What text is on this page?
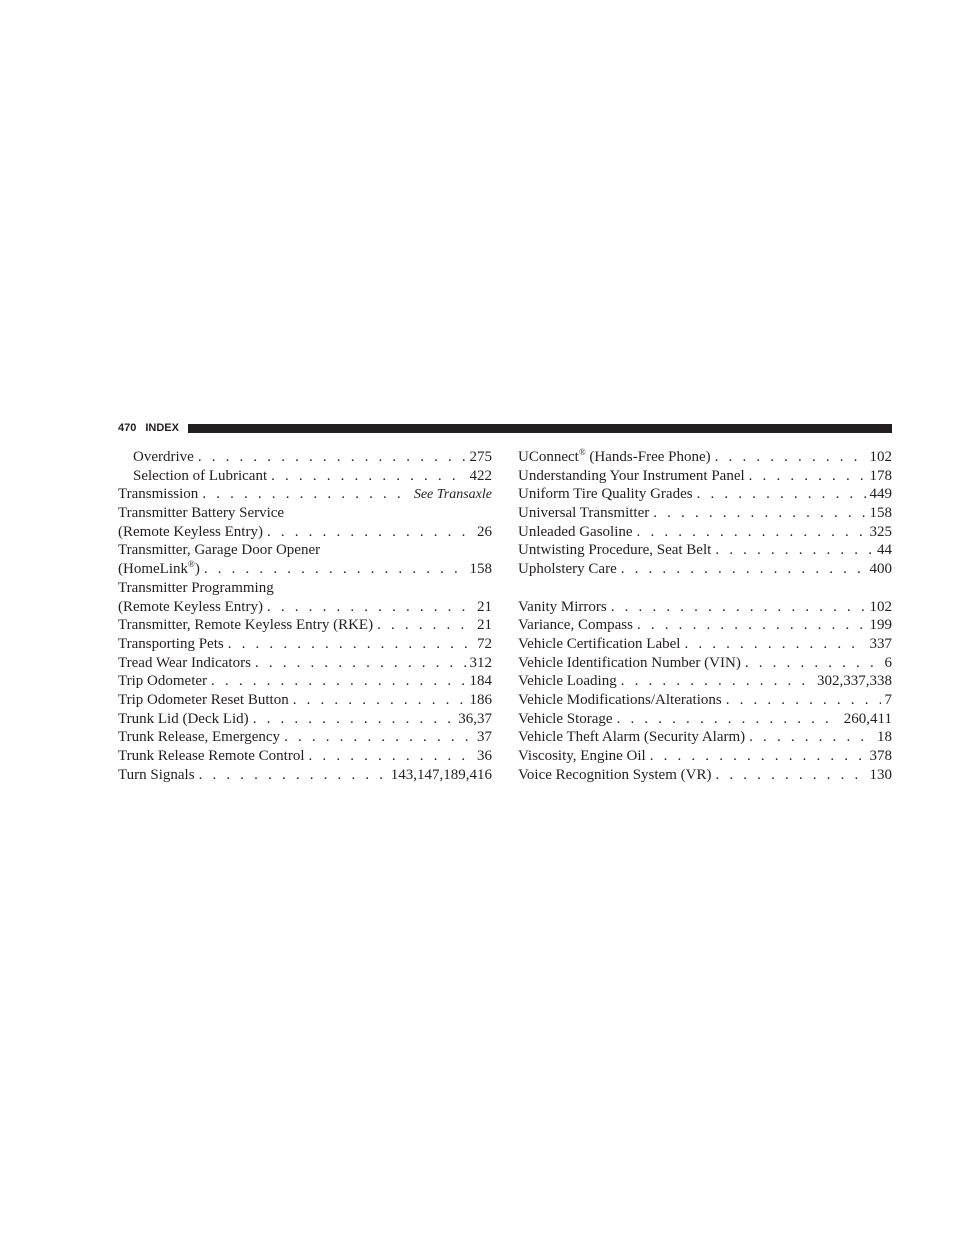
470 INDEX
Overdrive . . .	275
Selection of Lubricant . . .	422
Transmission . . .	See Transaxle
Transmitter Battery Service
(Remote Keyless Entry) . . .	26
Transmitter, Garage Door Opener
(HomeLink®) . . .	158
Transmitter Programming
(Remote Keyless Entry) . . .	21
Transmitter, Remote Keyless Entry (RKE) . . .	21
Transporting Pets . . .	72
Tread Wear Indicators . . .	312
Trip Odometer . . .	184
Trip Odometer Reset Button . . .	186
Trunk Lid (Deck Lid) . . .	36,37
Trunk Release, Emergency . . .	37
Trunk Release Remote Control . . .	36
Turn Signals . . .	143,147,189,416
UConnect® (Hands-Free Phone) . . .	102
Understanding Your Instrument Panel . . .	178
Uniform Tire Quality Grades . . .	449
Universal Transmitter . . .	158
Unleaded Gasoline . . .	325
Untwisting Procedure, Seat Belt . . .	44
Upholstery Care . . .	400
Vanity Mirrors . . .	102
Variance, Compass . . .	199
Vehicle Certification Label . . .	337
Vehicle Identification Number (VIN) . . .	6
Vehicle Loading . . .	302,337,338
Vehicle Modifications/Alterations . . .	7
Vehicle Storage . . .	260,411
Vehicle Theft Alarm (Security Alarm) . . .	18
Viscosity, Engine Oil . . .	378
Voice Recognition System (VR) . . .	130
